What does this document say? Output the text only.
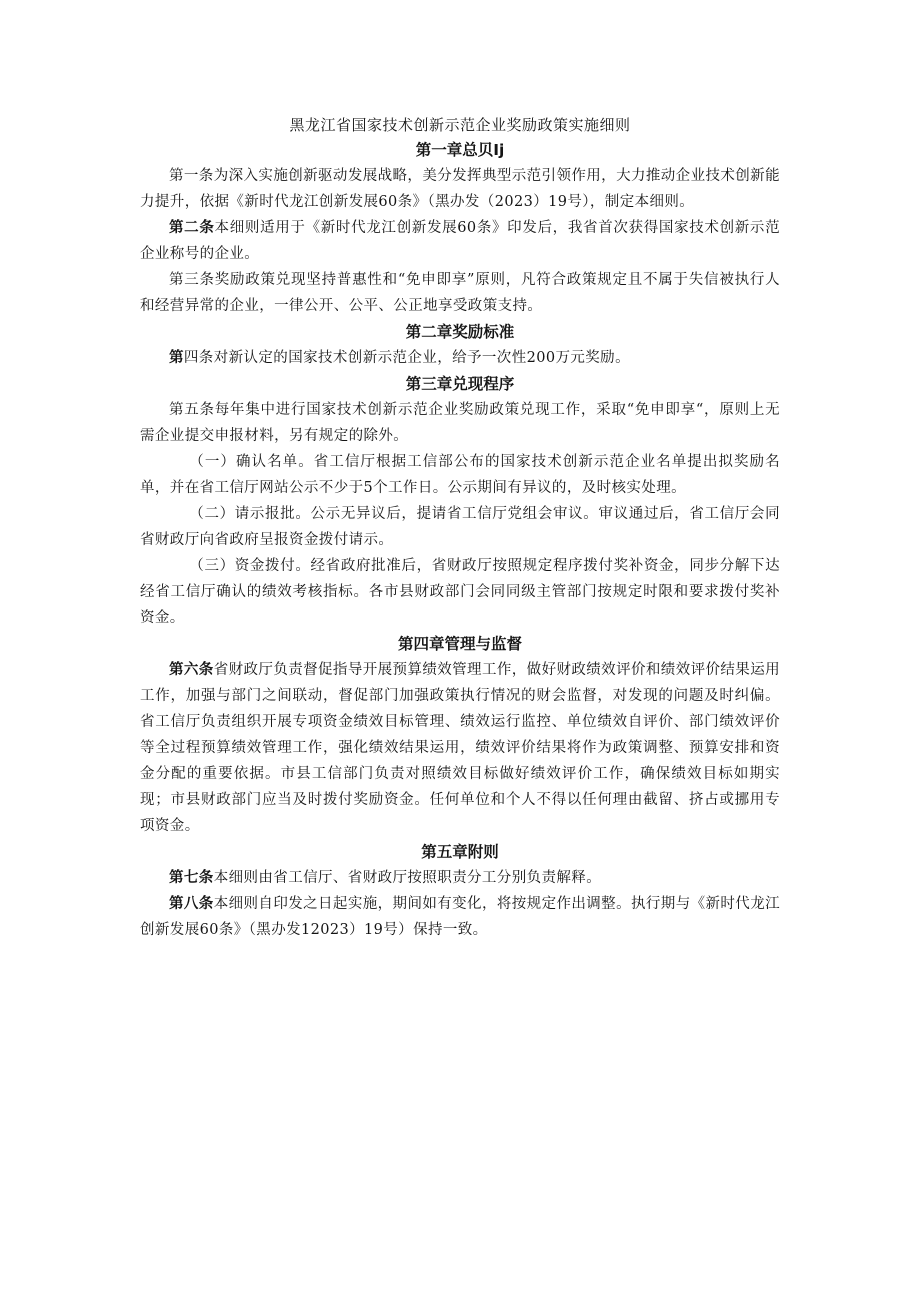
黑龙江省国家技术创新示范企业奖励政策实施细则
第一章总贝Ij

第一条为深入实施创新驱动发展战略，美分发挥典型示范引领作用，大力推动企业技术创新能力提升，依据《新时代龙江创新发展60条》（黑办发（2023）19号），制定本细则。

第二条本细则适用于《新时代龙江创新发展60条》印发后，我省首次获得国家技术创新示范企业称号的企业。

第三条奖励政策兑现坚持普惠性和“免申即享”原则，凡符合政策规定且不属于失信被执行人和经营异常的企业，一律公开、公平、公正地享受政策支持。

第二章奖励标准

第四条对新认定的国家技术创新示范企业，给予一次性200万元奖励。

第三章兑现程序

第五条每年集中进行国家技术创新示范企业奖励政策兑现工作，采取“免申即享“，原则上无需企业提交申报材料，另有规定的除外。

（一）确认名单。省工信厅根据工信部公布的国家技术创新示范企业名单提出拟奖励名单，并在省工信厅网站公示不少于5个工作日。公示期间有异议的，及时核实处理。

（二）请示报批。公示无异议后，提请省工信厅党组会审议。审议通过后，省工信厅会同省财政厅向省政府呈报资金拨付请示。

（三）资金拨付。经省政府批准后，省财政厅按照规定程序拨付奖补资金，同步分解下达经省工信厅确认的绩效考核指标。各市县财政部门会同同级主管部门按规定时限和要求拨付奖补资金。

第四章管理与监督

第六条省财政厅负责督促指导开展预算绩效管理工作，做好财政绩效评价和绩效评价结果运用工作，加强与部门之间联动，督促部门加强政策执行情况的财会监督，对发现的问题及时纠偏。省工信厅负责组织开展专项资金绩效目标管理、绩效运行监控、单位绩效自评价、部门绩效评价等全过程预算绩效管理工作，强化绩效结果运用，绩效评价结果将作为政策调整、预算安排和资金分配的重要依据。市县工信部门负责对照绩效目标做好绩效评价工作，确保绩效目标如期实现；市县财政部门应当及时拨付奖励资金。任何单位和个人不得以任何理由截留、挤占或挪用专项资金。

第五章附则

第七条本细则由省工信厅、省财政厅按照职责分工分别负责解释。

第八条本细则自印发之日起实施，期间如有变化，将按规定作出调整。执行期与《新时代龙江创新发展60条》（黑办发12023）19号）保持一致。
